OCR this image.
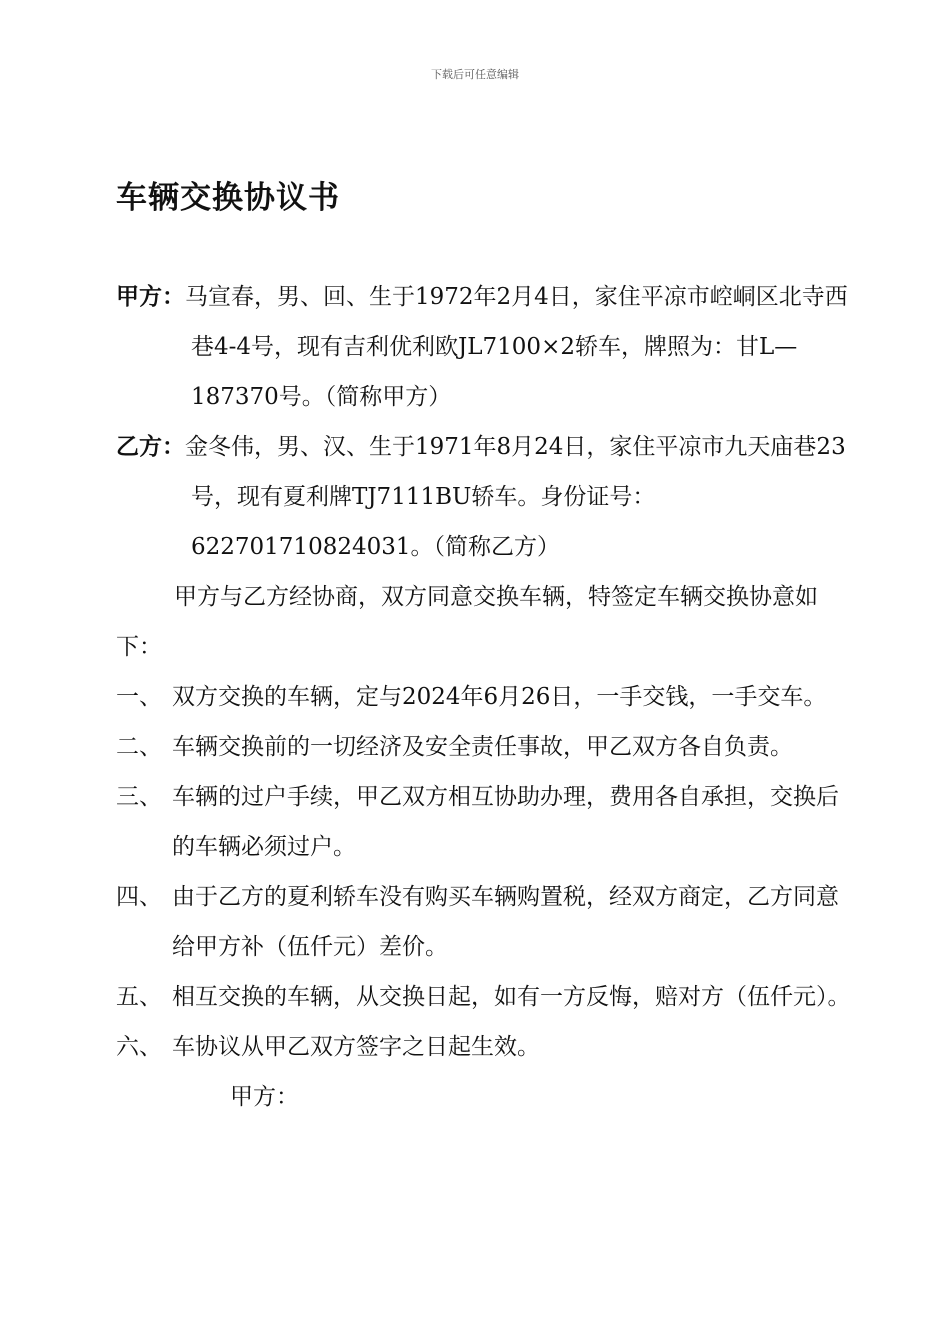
下载后可任意编辑
车辆交换协议书

甲方：马宣春，男、回、生于1972年2月4日，家住平凉市崆峒区北寺西巷4-4号，现有吉利优利欧JL7100×2轿车，牌照为：甘L—187370号。（简称甲方）

乙方：金冬伟，男、汉、生于1971年8月24日，家住平凉市九天庙巷23号，现有夏利牌TJ7111BU轿车。身份证号：622701710824031。（简称乙方）

甲方与乙方经协商，双方同意交换车辆，特签定车辆交换协意如下：

一、 双方交换的车辆，定与2024年6月26日，一手交钱，一手交车。

二、 车辆交换前的一切经济及安全责任事故，甲乙双方各自负责。

三、 车辆的过户手续，甲乙双方相互协助办理，费用各自承担，交换后的车辆必须过户。

四、 由于乙方的夏利轿车没有购买车辆购置税，经双方商定，乙方同意给甲方补（伍仟元）差价。

五、 相互交换的车辆，从交换日起，如有一方反悔，赔对方（伍仟元）。

六、 车协议从甲乙双方签字之日起生效。

甲方：
